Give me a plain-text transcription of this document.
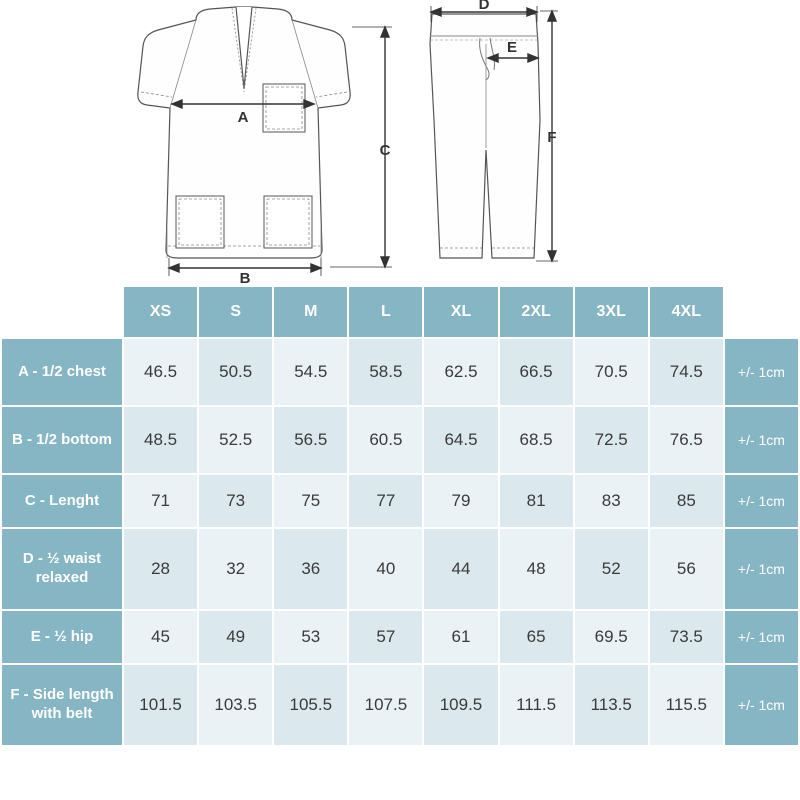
A
B
C
D
E
F
	XS	S	M	L	XL	2XL	3XL	4XL	
A - 1/2 chest	46.5	50.5	54.5	58.5	62.5	66.5	70.5	74.5	+/- 1cm
B - 1/2 bottom	48.5	52.5	56.5	60.5	64.5	68.5	72.5	76.5	+/- 1cm
C - Lenght	71	73	75	77	79	81	83	85	+/- 1cm
D - ½ waist relaxed	28	32	36	40	44	48	52	56	+/- 1cm
E - ½ hip	45	49	53	57	61	65	69.5	73.5	+/- 1cm
F - Side length with belt	101.5	103.5	105.5	107.5	109.5	111.5	113.5	115.5	+/- 1cm
